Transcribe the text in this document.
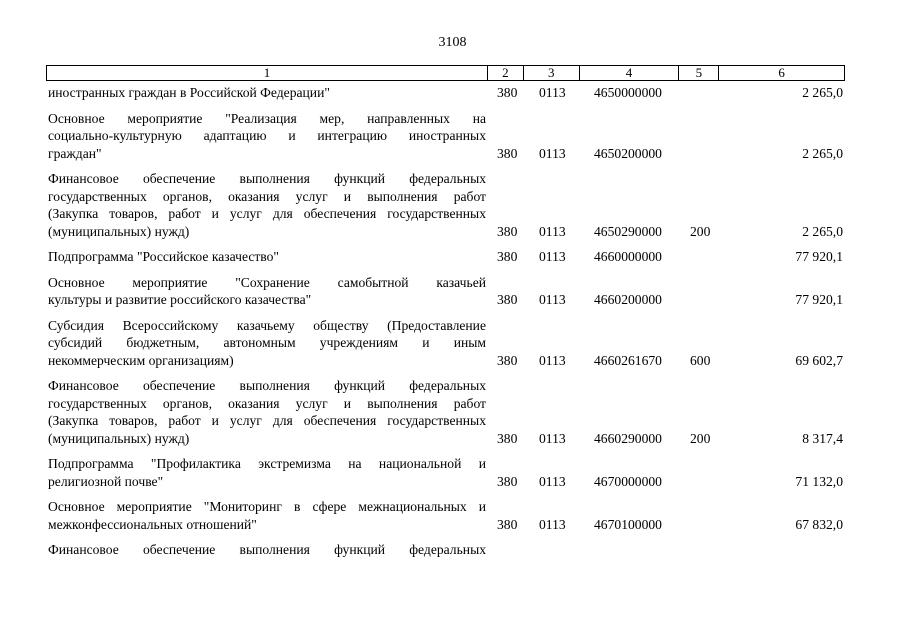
3108
1	2	3	4	5	6
иностранных граждан в Российской Федерации"	380 0113 4650000000	2 265,0
Основное мероприятие "Реализация мер, направленных на
социально-культурную адаптацию и интеграцию иностранных
граждан"	380 0113 4650200000	2 265,0
Финансовое обеспечение выполнения функций федеральных
государственных органов, оказания услуг и выполнения работ
(Закупка товаров, работ и услуг для обеспечения государственных
(муниципальных) нужд)	380 0113 4650290000 200	2 265,0
Подпрограмма "Российское казачество"	380 0113 4660000000	77 920,1
Основное мероприятие "Сохранение самобытной казачьей
культуры и развитие российского казачества"	380 0113 4660200000	77 920,1
Субсидия Всероссийскому казачьему обществу (Предоставление
субсидий бюджетным, автономным учреждениям и иным
некоммерческим организациям)	380 0113 4660261670 600	69 602,7
Финансовое обеспечение выполнения функций федеральных
государственных органов, оказания услуг и выполнения работ
(Закупка товаров, работ и услуг для обеспечения государственных
(муниципальных) нужд)	380 0113 4660290000 200	8 317,4
Подпрограмма "Профилактика экстремизма на национальной и
религиозной почве"	380 0113 4670000000	71 132,0
Основное мероприятие "Мониторинг в сфере межнациональных и
межконфессиональных отношений"	380 0113 4670100000	67 832,0
Финансовое обеспечение выполнения функций федеральных
